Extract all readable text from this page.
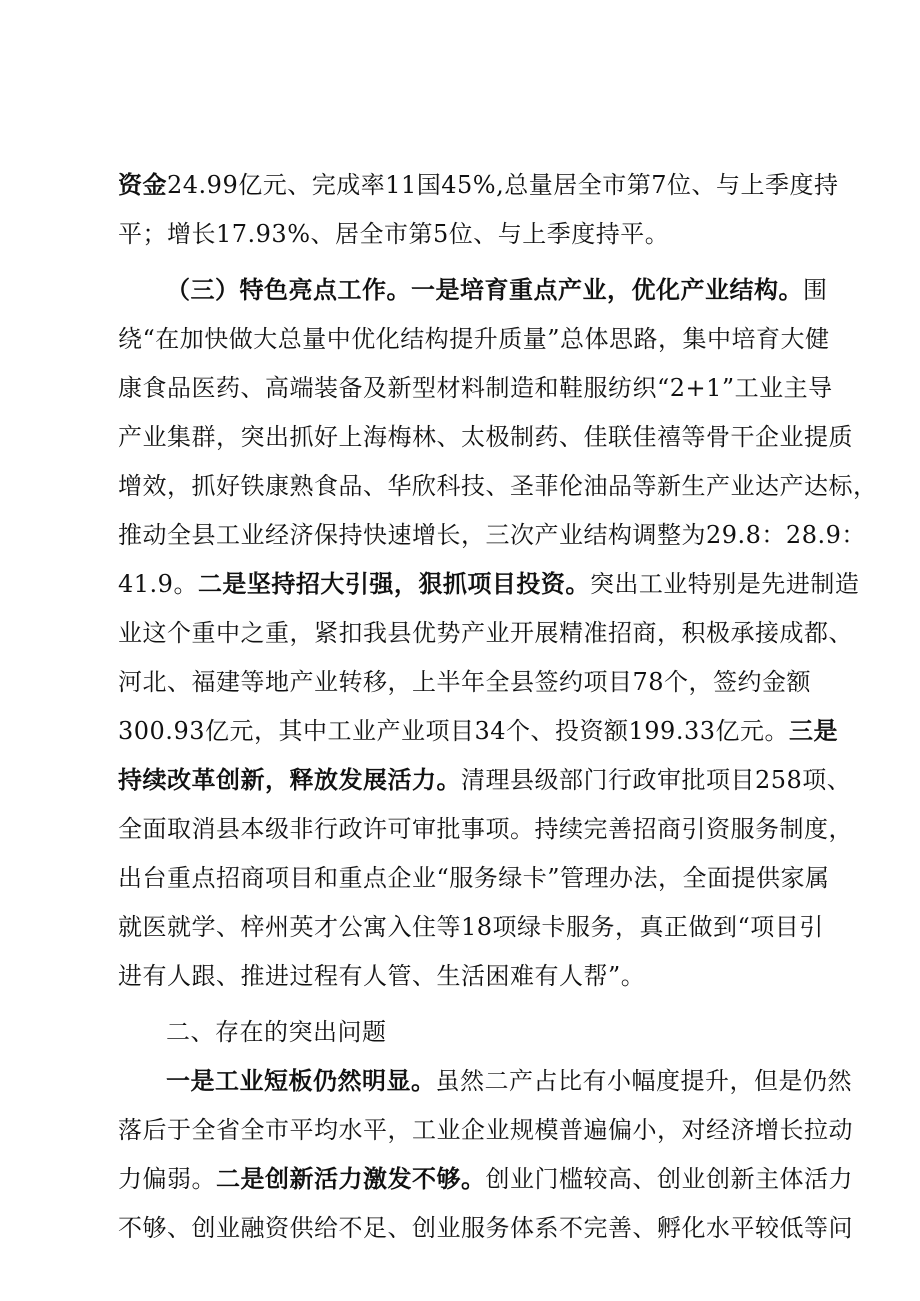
资金24.99亿元、完成率11国45%,总量居全市第7位、与上季度持
平；增长17.93%、居全市第5位、与上季度持平。
（三）特色亮点工作。一是培育重点产业，优化产业结构。围
绕“在加快做大总量中优化结构提升质量”总体思路，集中培育大健
康食品医药、高端装备及新型材料制造和鞋服纺织“2+1”工业主导
产业集群，突出抓好上海梅林、太极制药、佳联佳禧等骨干企业提质
增效，抓好铁康熟食品、华欣科技、圣菲伦油品等新生产业达产达标，
推动全县工业经济保持快速增长，三次产业结构调整为29.8：28.9：
41.9。二是坚持招大引强，狠抓项目投资。突出工业特别是先进制造
业这个重中之重，紧扣我县优势产业开展精准招商，积极承接成都、
河北、福建等地产业转移，上半年全县签约项目78个，签约金额
300.93亿元，其中工业产业项目34个、投资额199.33亿元。三是
持续改革创新，释放发展活力。清理县级部门行政审批项目258项、
全面取消县本级非行政许可审批事项。持续完善招商引资服务制度，
出台重点招商项目和重点企业“服务绿卡”管理办法，全面提供家属
就医就学、梓州英才公寓入住等18项绿卡服务，真正做到“项目引
进有人跟、推进过程有人管、生活困难有人帮”。
二、存在的突出问题
一是工业短板仍然明显。虽然二产占比有小幅度提升，但是仍然
落后于全省全市平均水平，工业企业规模普遍偏小，对经济增长拉动
力偏弱。二是创新活力激发不够。创业门槛较高、创业创新主体活力
不够、创业融资供给不足、创业服务体系不完善、孵化水平较低等问
